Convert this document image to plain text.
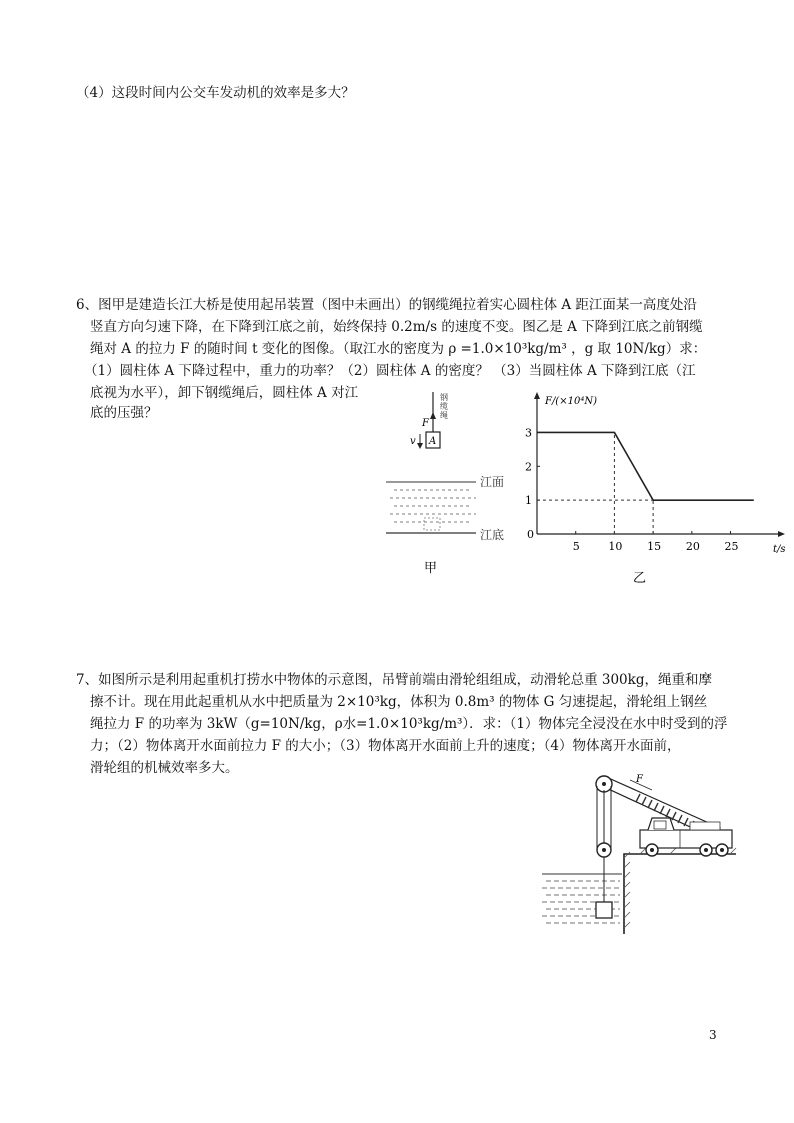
（4）这段时间内公交车发动机的效率是多大？
6、图甲是建造长江大桥是使用起吊装置（图中未画出）的钢缆绳拉着实心圆柱体 A 距江面某一高度处沿
竖直方向匀速下降，在下降到江底之前，始终保持 0.2m/s 的速度不变。图乙是 A 下降到江底之前钢缆
绳对 A 的拉力 F 的随时间 t 变化的图像。（取江水的密度为 ρ =1.0×10³kg/m³ ，g 取 10N/kg）求：
（1）圆柱体 A 下降过程中，重力的功率？（2）圆柱体 A 的密度？ （3）当圆柱体 A 下降到江底（江
底视为水平），卸下钢缆绳后，圆柱体 A 对江
底的压强？
钢
缆
绳
F
A
v
江面
江底
甲
F/(×10⁴N)
t/s
0
5	10 15 20 25
1
2
3
乙
7、如图所示是利用起重机打捞水中物体的示意图，吊臂前端由滑轮组组成，动滑轮总重 300kg，绳重和摩
擦不计。现在用此起重机从水中把质量为 2×10³kg，体积为 0.8m³ 的物体 G 匀速提起，滑轮组上钢丝
绳拉力 F 的功率为 3kW（g=10N/kg，ρ水=1.0×10³kg/m³）．求：（1）物体完全浸没在水中时受到的浮
力；（2）物体离开水面前拉力 F 的大小；（3）物体离开水面前上升的速度；（4）物体离开水面前，
滑轮组的机械效率多大。
F
3
